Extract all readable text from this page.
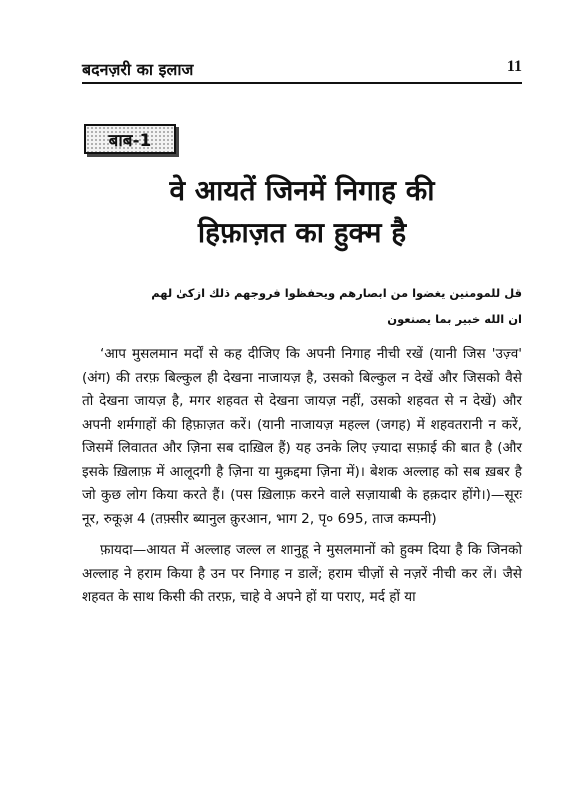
बदनज़री का इलाज	11
बाब-1
वे आयतें जिनमें निगाह की
हिफ़ाज़त का हुक्म है
قل للمومنين يغضوا من ابصارهم ويحفظوا فروجهم ذلك ازكیٰ لهم
ان الله خبير بما يصنعون

‘आप मुसलमान मर्दों से कह दीजिए कि अपनी निगाह नीची रखें (यानी जिस 'उज़्व' (अंग) की तरफ़ बिल्कुल ही देखना नाजायज़ है, उसको बिल्कुल न देखें और जिसको वैसे तो देखना जायज़ है, मगर शहवत से देखना जायज़ नहीं, उसको शहवत से न देखें) और अपनी शर्मगाहों की हिफ़ाज़त करें। (यानी नाजायज़ महल्ल (जगह) में शहवतरानी न करें, जिसमें लिवातत और ज़िना सब दाख़िल हैं) यह उनके लिए ज़्यादा सफ़ाई की बात है (और इसके ख़िलाफ़ में आलूदगी है ज़िना या मुक़द्दमा ज़िना में)। बेशक अल्लाह को सब ख़बर है जो कुछ लोग किया करते हैं। (पस ख़िलाफ़ करने वाले सज़ायाबी के हक़दार होंगे।)—सूरः नूर, रुकूअ़ 4 (तफ़्सीर ब्यानुल क़ुरआन, भाग 2, पृ० 695, ताज कम्पनी)

फ़ायदा—आयत में अल्लाह जल्ल ल शानुहू ने मुसलमानों को हुक्म दिया है कि जिनको अल्लाह ने हराम किया है उन पर निगाह न डालें; हराम चीज़ों से नज़रें नीची कर लें। जैसे शहवत के साथ किसी की तरफ़, चाहे वे अपने हों या पराए, मर्द हों या
